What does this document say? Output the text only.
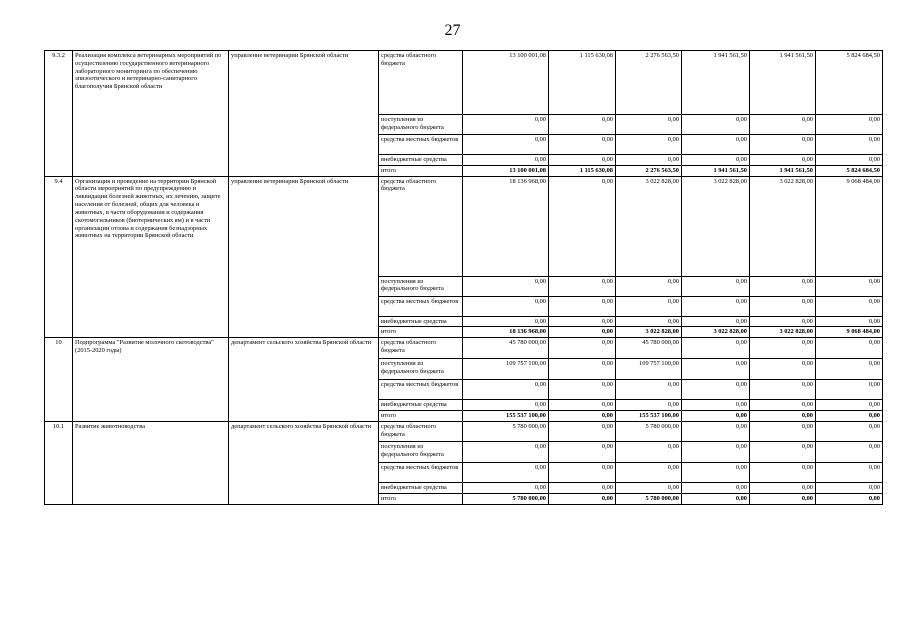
27
9.3.2	Реализация комплекса ветеринарных мероприятий по осуществлению государственного ветеринарного лабораторного мониторинга по обеспечению эпизоотического и ветеринарно-санитарного благополучия Брянской области	управление ветеринарии Брянской области	средства областного бюджета	13 100 001,08	1 115 630,08	2 276 563,50	1 941 561,50	1 941 561,50	5 824 684,50
			поступления из федерального бюджета	0,00	0,00	0,00	0,00	0,00	0,00
			средства местных бюджетов	0,00	0,00	0,00	0,00	0,00	0,00
			внебюджетные средства	0,00	0,00	0,00	0,00	0,00	0,00
			итого	13 100 001,08	1 115 630,08	2 276 563,50	1 941 561,50	1 941 561,50	5 824 684,50
9.4	Организация и проведение на территории Брянской области мероприятий по предупреждению и ликвидации болезней животных, их лечению, защите населения от болезней, общих для человека и животных, в части оборудования и содержания скотомогильников (биотермических ям) и в части организации отлова и содержания безнадзорных животных на территории Брянской области	управление ветеринарии Брянской области	средства областного бюджета	18 136 968,00	0,00	3 022 828,00	3 022 828,00	3 022 828,00	9 068 484,00
			поступления из федерального бюджета	0,00	0,00	0,00	0,00	0,00	0,00
			средства местных бюджетов	0,00	0,00	0,00	0,00	0,00	0,00
			внебюджетные средства	0,00	0,00	0,00	0,00	0,00	0,00
			итого	18 136 968,00	0,00	3 022 828,00	3 022 828,00	3 022 828,00	9 068 484,00
10	Подпрограмма "Развитие молочного скотоводства" (2015-2020 годы)	департамент сельского хозяйства Брянской области	средства областного бюджета	45 780 000,00	0,00	45 780 000,00	0,00	0,00	0,00
			поступления из федерального бюджета	109 757 100,00	0,00	109 757 100,00	0,00	0,00	0,00
			средства местных бюджетов	0,00	0,00	0,00	0,00	0,00	0,00
			внебюджетные средства	0,00	0,00	0,00	0,00	0,00	0,00
			итого	155 537 100,00	0,00	155 537 100,00	0,00	0,00	0,00
10.1	Развитие животноводства	департамент сельского хозяйства Брянской области	средства областного бюджета	5 780 000,00	0,00	5 780 000,00	0,00	0,00	0,00
			поступления из федерального бюджета	0,00	0,00	0,00	0,00	0,00	0,00
			средства местных бюджетов	0,00	0,00	0,00	0,00	0,00	0,00
			внебюджетные средства	0,00	0,00	0,00	0,00	0,00	0,00
			итого	5 780 000,00	0,00	5 780 000,00	0,00	0,00	0,00
